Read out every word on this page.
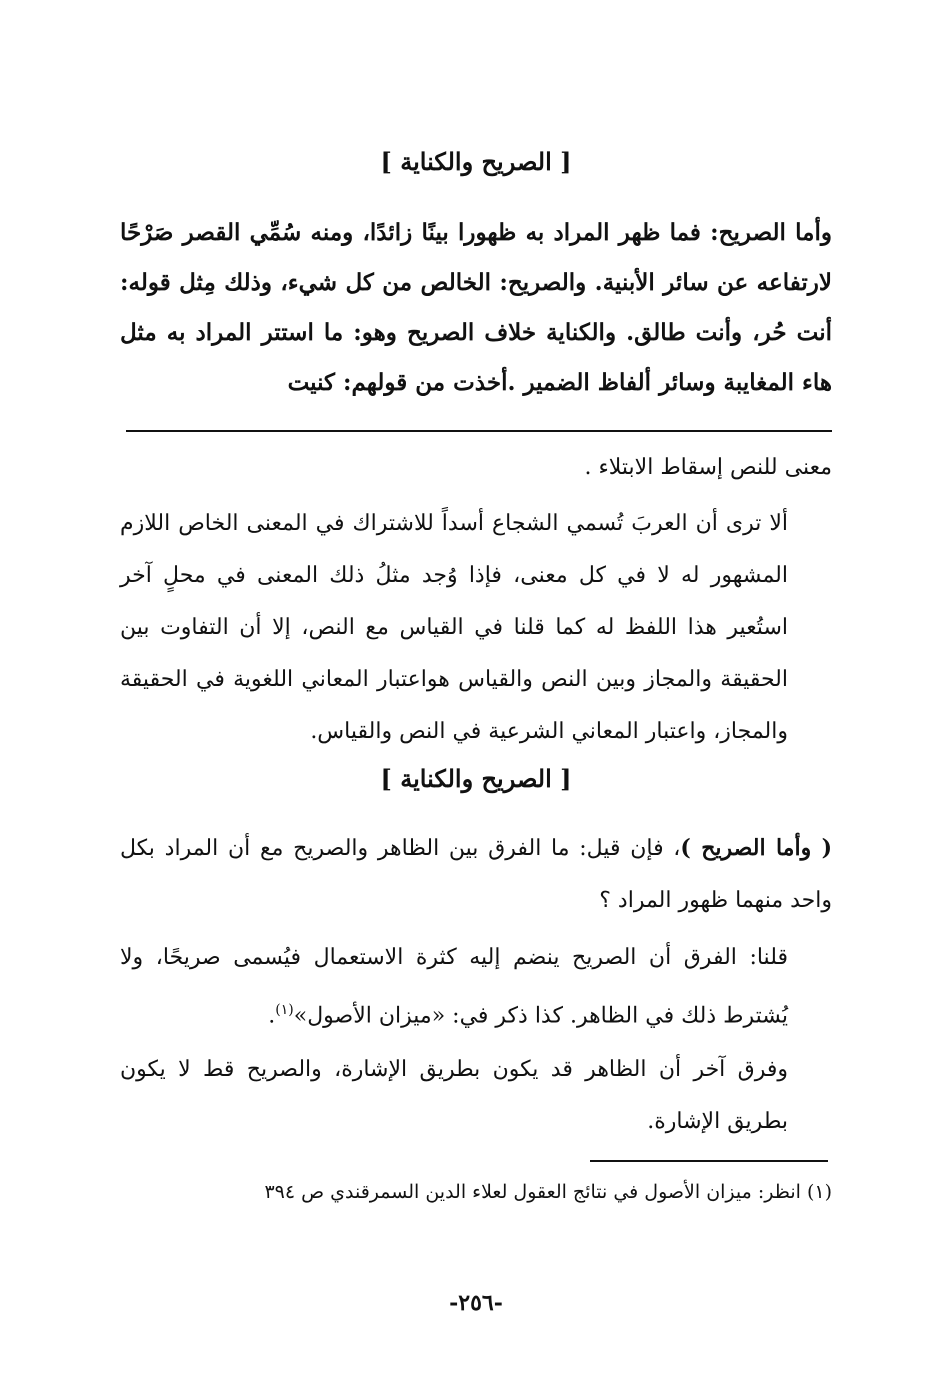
[ الصريح والكناية ]
وأما الصريح: فما ظهر المراد به ظهورا بينًا زائدًا، ومنه سُمِّي القصر صَرْحًا لارتفاعه عن سائر الأبنية. والصريح: الخالص من كل شيء، وذلك مِثل قوله: أنت حُر، وأنت طالق. والكناية خلاف الصريح وهو: ما استتر المراد به مثل هاء المغايبة وسائر ألفاظ الضمير .أخذت من قولهم: كنيت

معنى للنص إسقاط الابتلاء .

ألا ترى أن العربَ تُسمي الشجاع أسداً للاشتراك في المعنى الخاص اللازم المشهور له لا في كل معنى، فإذا وُجد مثلُ ذلك المعنى في محلٍ آخر استُعير هذا اللفظ له كما قلنا في القياس مع النص، إلا أن التفاوت بين الحقيقة والمجاز وبين النص والقياس هواعتبار المعاني اللغوية في الحقيقة والمجاز، واعتبار المعاني الشرعية في النص والقياس.

[ الصريح والكناية ]

( وأما الصريح )، فإن قيل: ما الفرق بين الظاهر والصريح مع أن المراد بكل واحد منهما ظهور المراد ؟

قلنا: الفرق أن الصريح ينضم إليه كثرة الاستعمال فيُسمى صريحًا، ولا يُشترط ذلك في الظاهر. كذا ذكر في: «ميزان الأصول»$^{(١)}$.

وفرق آخر أن الظاهر قد يكون بطريق الإشارة، والصريح قط لا يكون بطريق الإشارة.

(١) انظر: ميزان الأصول في نتائج العقول لعلاء الدين السمرقندي ص ٣٩٤
-٢٥٦-
